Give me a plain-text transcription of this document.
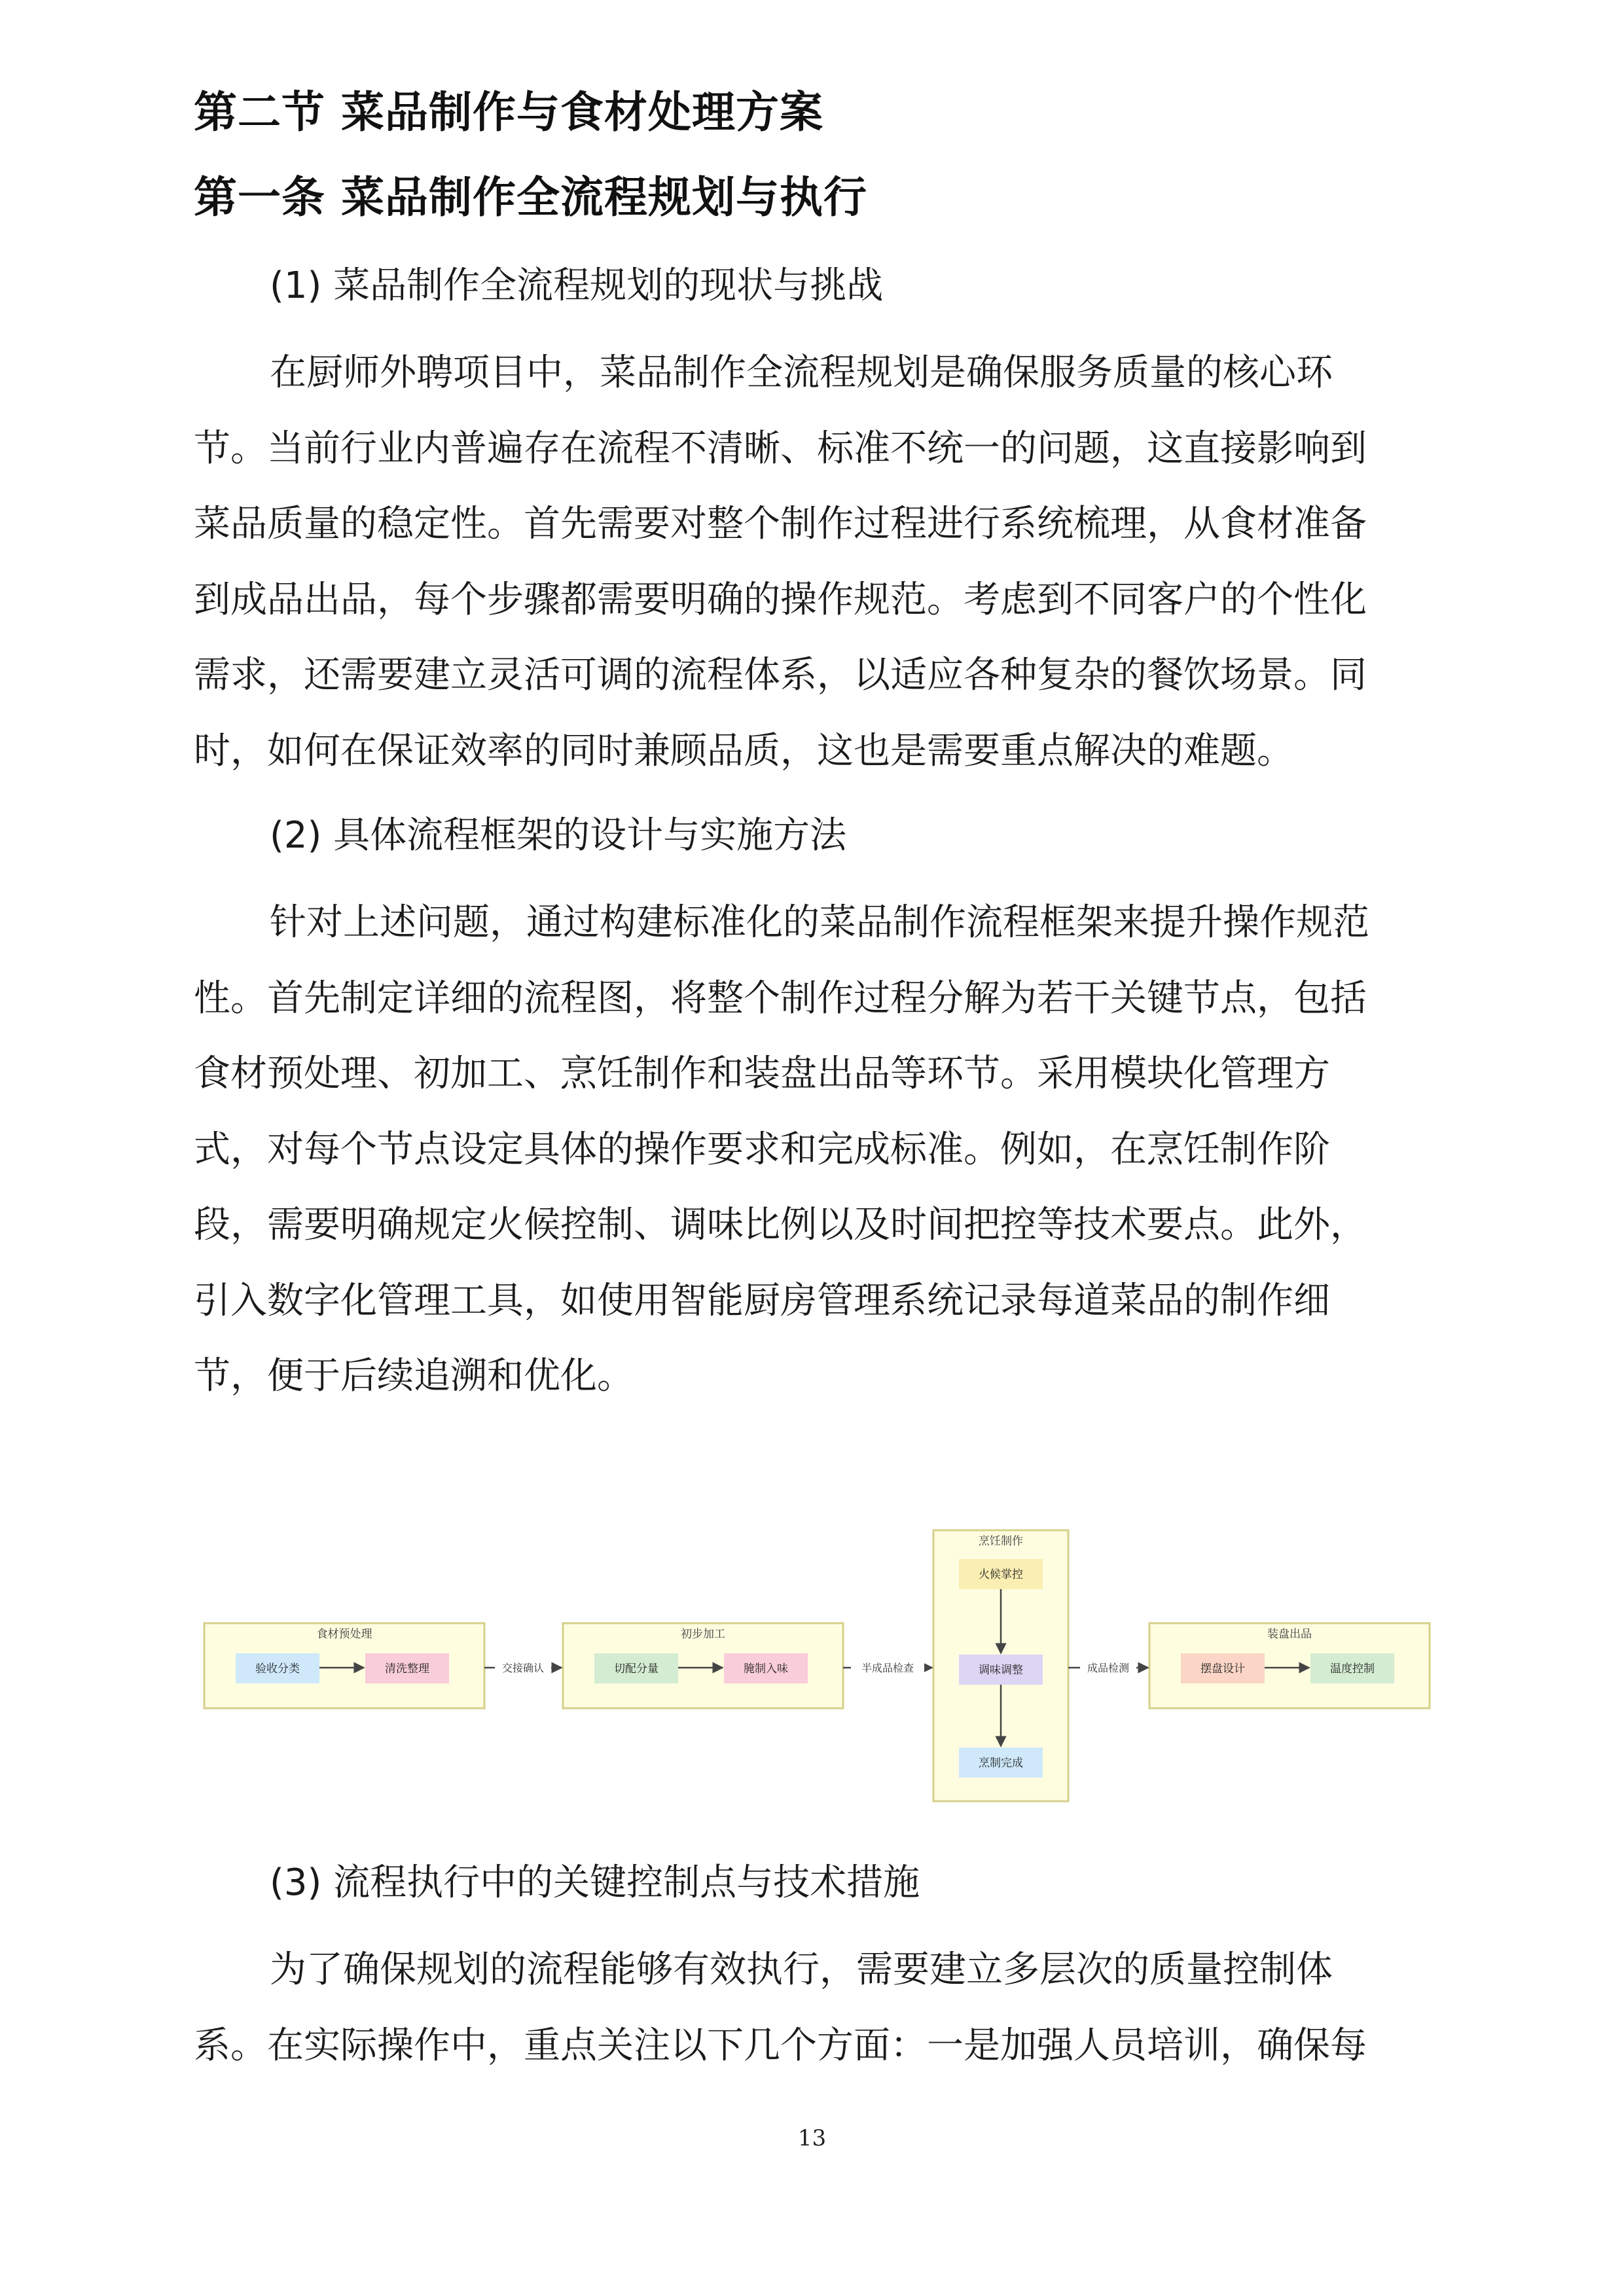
第二节 菜品制作与食材处理方案
第一条 菜品制作全流程规划与执行
(1) 菜品制作全流程规划的现状与挑战
在厨师外聘项目中，菜品制作全流程规划是确保服务质量的核心环
节。当前行业内普遍存在流程不清晰、标准不统一的问题，这直接影响到
菜品质量的稳定性。首先需要对整个制作过程进行系统梳理，从食材准备
到成品出品，每个步骤都需要明确的操作规范。考虑到不同客户的个性化
需求，还需要建立灵活可调的流程体系，以适应各种复杂的餐饮场景。同
时，如何在保证效率的同时兼顾品质，这也是需要重点解决的难题。
(2) 具体流程框架的设计与实施方法
针对上述问题，通过构建标准化的菜品制作流程框架来提升操作规范
性。首先制定详细的流程图，将整个制作过程分解为若干关键节点，包括
食材预处理、初加工、烹饪制作和装盘出品等环节。采用模块化管理方
式，对每个节点设定具体的操作要求和完成标准。例如，在烹饪制作阶
段，需要明确规定火候控制、调味比例以及时间把控等技术要点。此外，
引入数字化管理工具，如使用智能厨房管理系统记录每道菜品的制作细
节，便于后续追溯和优化。
食材预处理	初步加工
烹饪制作
装盘出品
交接确认	半成品检查	成品检测
验收分类	清洗整理	切配分量	腌制入味
火候掌控
调味调整
烹制完成
摆盘设计	温度控制
(3) 流程执行中的关键控制点与技术措施
为了确保规划的流程能够有效执行，需要建立多层次的质量控制体
系。在实际操作中，重点关注以下几个方面：一是加强人员培训，确保每
13
